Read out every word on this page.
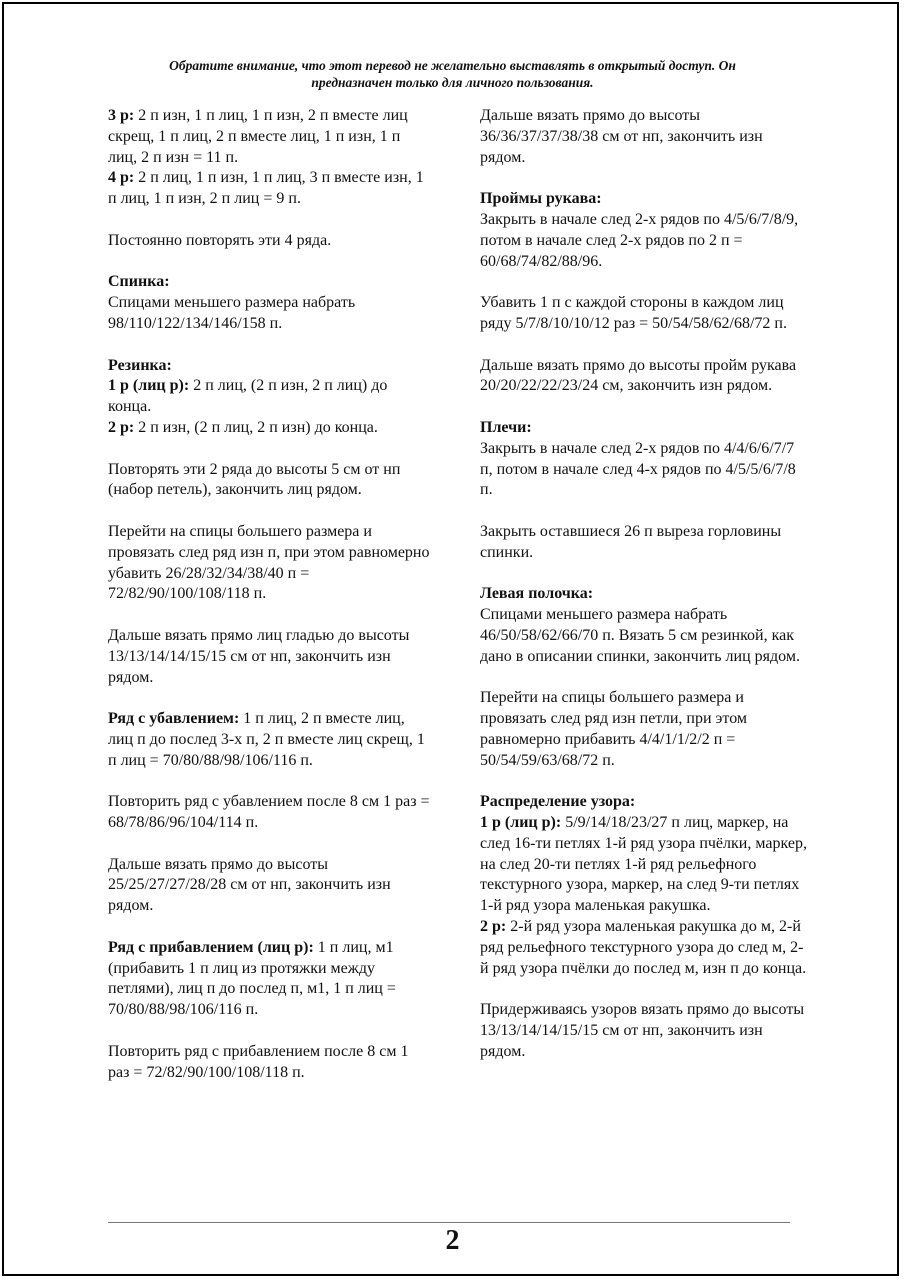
Обратите внимание, что этот перевод не желательно выставлять в открытый доступ. Он
предназначен только для личного пользования.

3 р: 2 п изн, 1 п лиц, 1 п изн, 2 п вместе лиц скрещ, 1 п лиц, 2 п вместе лиц, 1 п изн, 1 п лиц, 2 п изн = 11 п.

4 р: 2 п лиц, 1 п изн, 1 п лиц, 3 п вместе изн, 1 п лиц, 1 п изн, 2 п лиц = 9 п.

Постоянно повторять эти 4 ряда.

Спинка:
Спицами меньшего размера набрать 98/110/122/134/146/158 п.

Резинка:
1 р (лиц р): 2 п лиц, (2 п изн, 2 п лиц) до конца.

2 р: 2 п изн, (2 п лиц, 2 п изн) до конца.

Повторять эти 2 ряда до высоты 5 см от нп (набор петель), закончить лиц рядом.

Перейти на спицы большего размера и провязать след ряд изн п, при этом равномерно убавить 26/28/32/34/38/40 п = 72/82/90/100/108/118 п.

Дальше вязать прямо лиц гладью до высоты 13/13/14/14/15/15 см от нп, закончить изн рядом.

Ряд с убавлением: 1 п лиц, 2 п вместе лиц, лиц п до послед 3-х п, 2 п вместе лиц скрещ, 1 п лиц = 70/80/88/98/106/116 п.

Повторить ряд с убавлением после 8 см 1 раз = 68/78/86/96/104/114 п.

Дальше вязать прямо до высоты 25/25/27/27/28/28 см от нп, закончить изн рядом.

Ряд с прибавлением (лиц р): 1 п лиц, м1 (прибавить 1 п лиц из протяжки между петлями), лиц п до послед п, м1, 1 п лиц = 70/80/88/98/106/116 п.

Повторить ряд с прибавлением после 8 см 1 раз = 72/82/90/100/108/118 п.

Дальше вязать прямо до высоты 36/36/37/37/38/38 см от нп, закончить изн рядом.

Проймы рукава:
Закрыть в начале след 2-х рядов по 4/5/6/7/8/9, потом в начале след 2-х рядов по 2 п = 60/68/74/82/88/96.

Убавить 1 п с каждой стороны в каждом лиц ряду 5/7/8/10/10/12 раз = 50/54/58/62/68/72 п.

Дальше вязать прямо до высоты пройм рукава 20/20/22/22/23/24 см, закончить изн рядом.

Плечи:
Закрыть в начале след 2-х рядов по 4/4/6/6/7/7 п, потом в начале след 4-х рядов по 4/5/5/6/7/8 п.

Закрыть оставшиеся 26 п выреза горловины спинки.

Левая полочка:
Спицами меньшего размера набрать 46/50/58/62/66/70 п. Вязать 5 см резинкой, как дано в описании спинки, закончить лиц рядом.

Перейти на спицы большего размера и провязать след ряд изн петли, при этом равномерно прибавить 4/4/1/1/2/2 п = 50/54/59/63/68/72 п.

Распределение узора:
1 р (лиц р): 5/9/14/18/23/27 п лиц, маркер, на след 16-ти петлях 1-й ряд узора пчёлки, маркер, на след 20-ти петлях 1-й ряд рельефного текстурного узора, маркер, на след 9-ти петлях 1-й ряд узора маленькая ракушка.

2 р: 2-й ряд узора маленькая ракушка до м, 2-й ряд рельефного текстурного узора до след м, 2-й ряд узора пчёлки до послед м, изн п до конца.

Придерживаясь узоров вязать прямо до высоты 13/13/14/14/15/15 см от нп, закончить изн рядом.

2
